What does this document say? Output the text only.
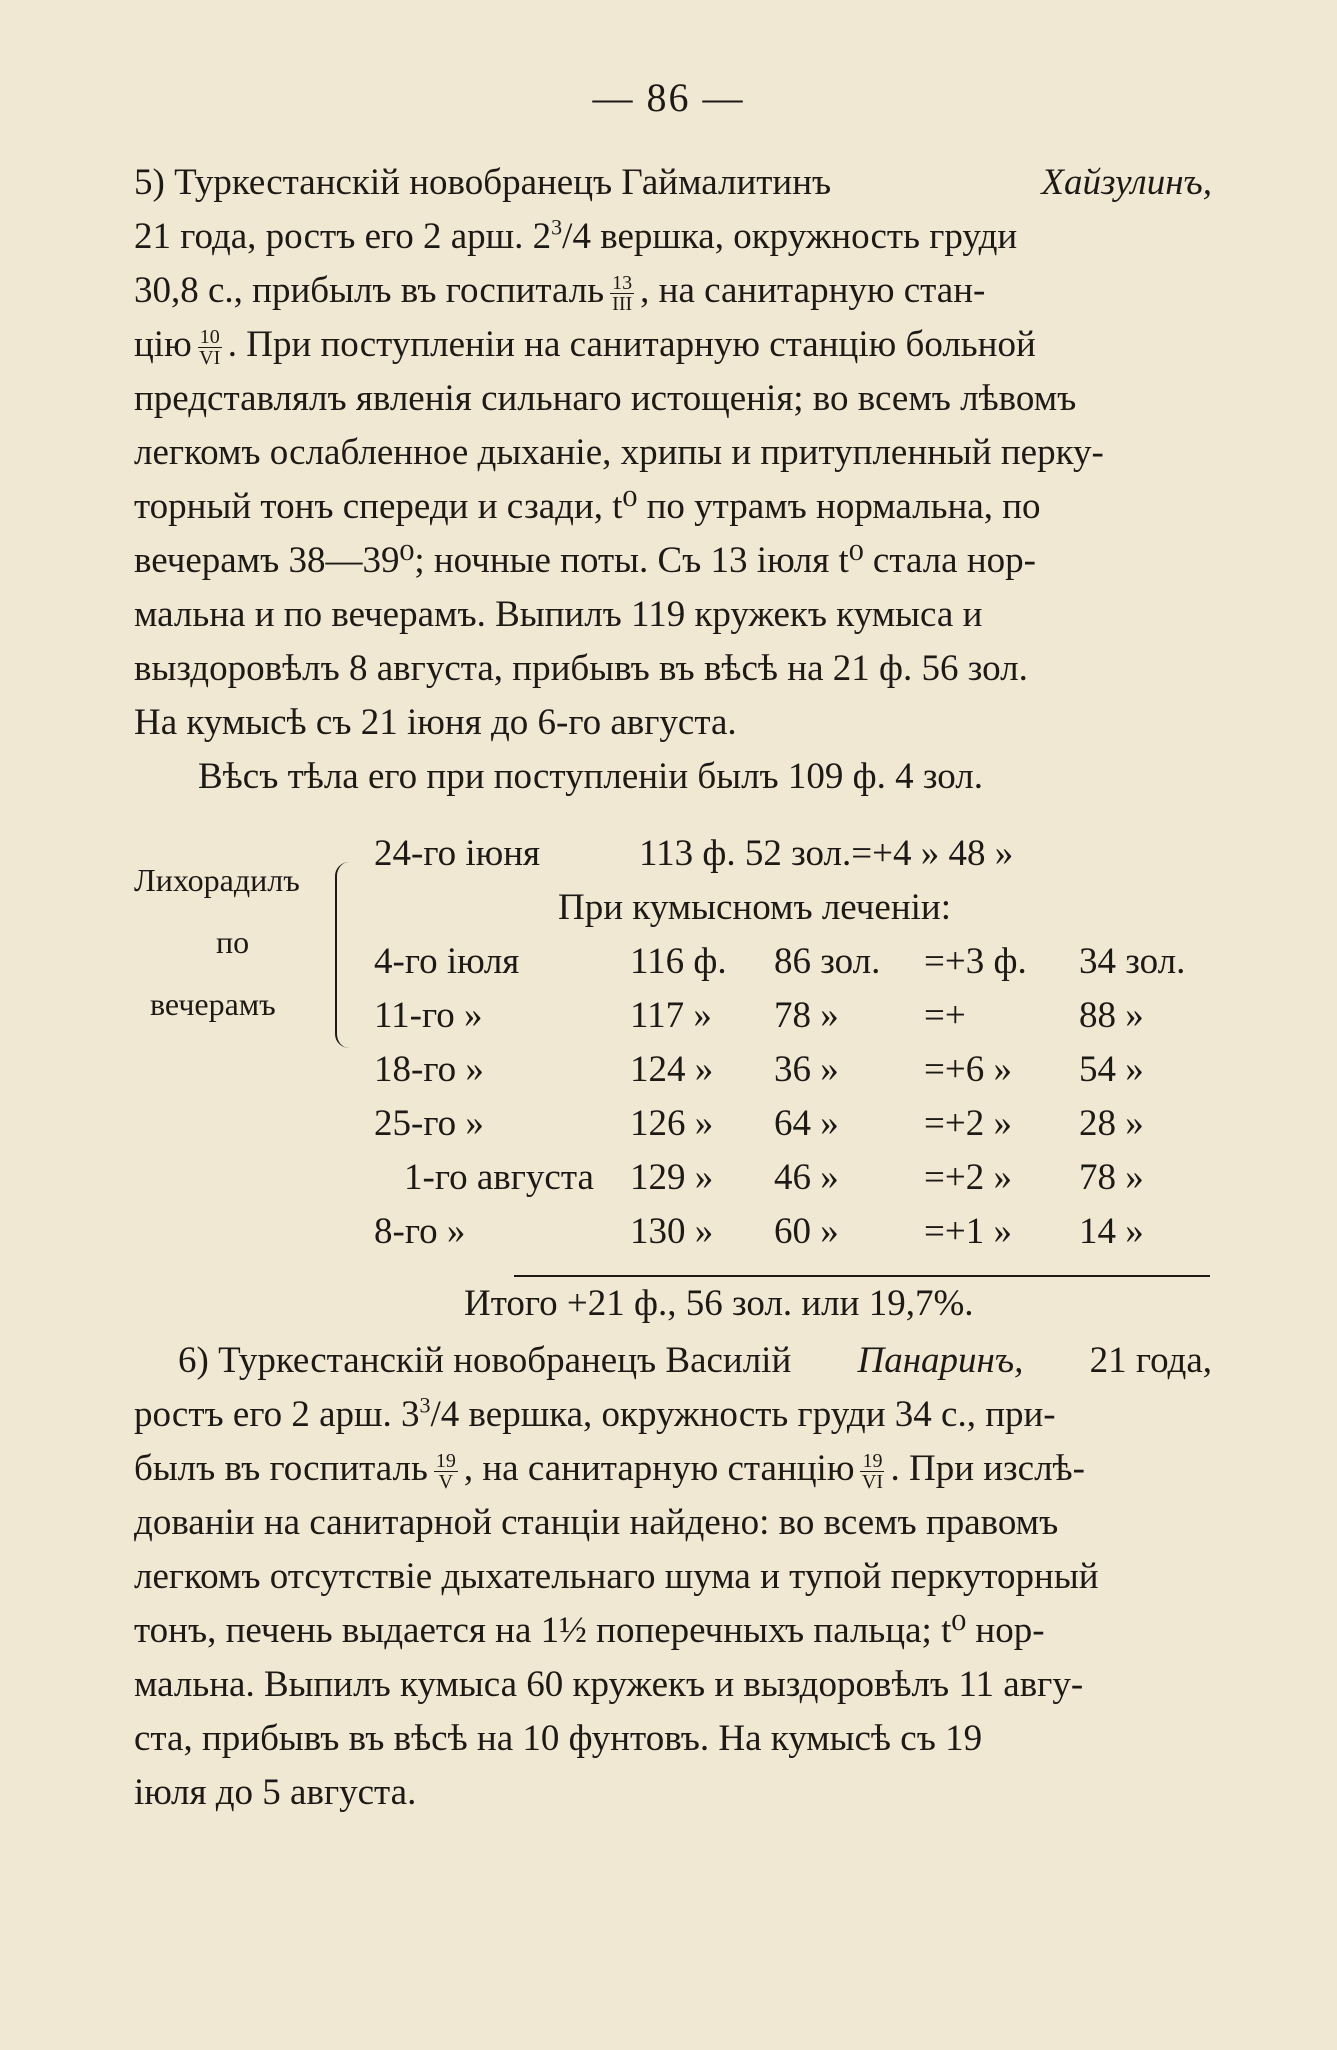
— 86 —
5) Туркестанскій новобранецъ Гаймалитинъ	Хайзулинъ,
21 года, ростъ его 2 арш. $2^3/4$ вершка, окружность груди
30,8 с., прибылъ въ госпиталь $\frac{13}{\text{III}}$ , на санитарную стан-
цію $\frac{10}{VI}$ . При поступленіи на санитарную станцію больной
представлялъ явленія сильнаго истощенія; во всемъ лѣвомъ
легкомъ ослабленное дыханіе, хрипы и притупленный перку-
торный тонъ спереди и сзади, t⁰ по утрамъ нормальна, по
вечерамъ 38—39⁰; ночные поты. Съ 13 іюля t⁰ стала нор-
мальна и по вечерамъ. Выпилъ 119 кружекъ кумыса и
выздоровѣлъ 8 августа, прибывъ въ вѣсѣ на 21 ф. 56 зол.
На кумысѣ съ 21 іюня до 6-го августа.
Вѣсъ тѣла его при поступленіи былъ 109 ф. 4 зол.
Лихорадилъ
по
вечерамъ
24-го іюня	113 ф. 52 зол.=+4 » 48 »
При кумысномъ леченіи:
4-го іюля	116 ф. 86 зол. =+3 ф. 34 зол.
11-го »	117 » 78 » =+	88 »
18-го »	124 » 36 » =+6 » 54 »
25-го »	126 » 64 » =+2 » 28 »
1-го августа 129 » 46 » =+2 » 78 »
8-го »	130 » 60 » =+1 » 14 »
Итого +21 ф., 56 зол. или 19,7%.
6) Туркестанскій новобранецъ Василій Панаринъ, 21 года,
ростъ его 2 арш. $3^3/4$ вершка, окружность груди 34 с., при-
былъ въ госпиталь $\frac{19}{V}$ , на санитарную станцію $\frac{19}{VI}$ . При изслѣ-
дованіи на санитарной станціи найдено: во всемъ правомъ
легкомъ отсутствіе дыхательнаго шума и тупой перкуторный
тонъ, печень выдается на 1½ поперечныхъ пальца; t⁰ нор-
мальна. Выпилъ кумыса 60 кружекъ и выздоровѣлъ 11 авгу-
ста, прибывъ въ вѣсѣ на 10 фунтовъ. На кумысѣ съ 19
іюля до 5 августа.
